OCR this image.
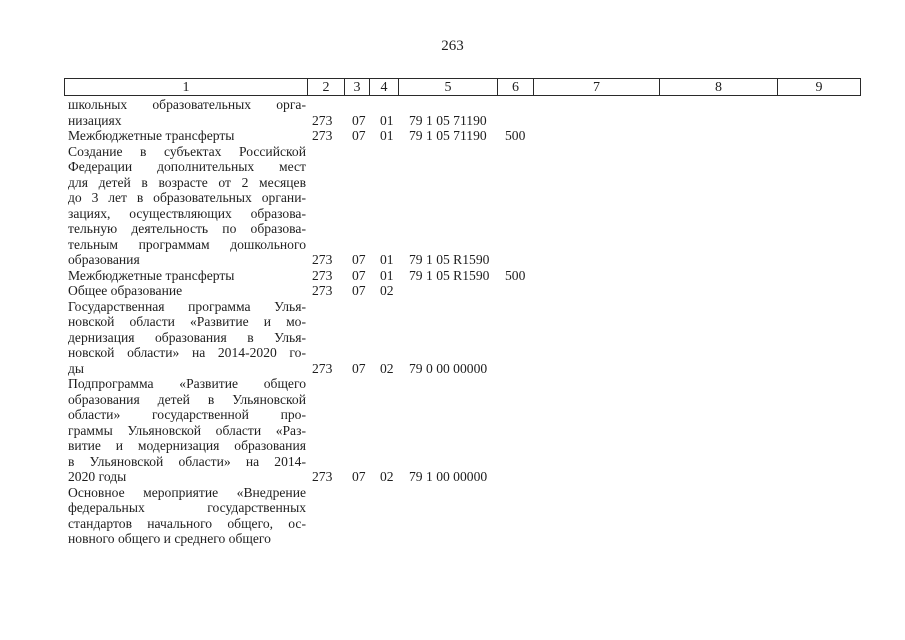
263
1	2	3	4	5	6	7	8	9
школьных образовательных орга-
низациях	273 07 01 79 1 05 71190
Межбюджетные трансферты	273 07 01 79 1 05 71190 500
Создание в субъектах Российской
Федерации дополнительных мест
для детей в возрасте от 2 месяцев
до 3 лет в образовательных органи-
зациях, осуществляющих образова-
тельную деятельность по образова-
тельным программам дошкольного
образования	273 07 01 79 1 05 R1590
Межбюджетные трансферты	273 07 01 79 1 05 R1590 500
Общее образование	273 07 02
Государственная программа Улья-
новской области «Развитие и мо-
дернизация образования в Улья-
новской области» на 2014-2020 го-
ды	273 07 02 79 0 00 00000
Подпрограмма «Развитие общего
образования детей в Ульяновской
области» государственной про-
граммы Ульяновской области «Раз-
витие и модернизация образования
в Ульяновской области» на 2014-
2020 годы	273 07 02 79 1 00 00000
Основное мероприятие «Внедрение
федеральных государственных
стандартов начального общего, ос-
новного общего и среднего общего
